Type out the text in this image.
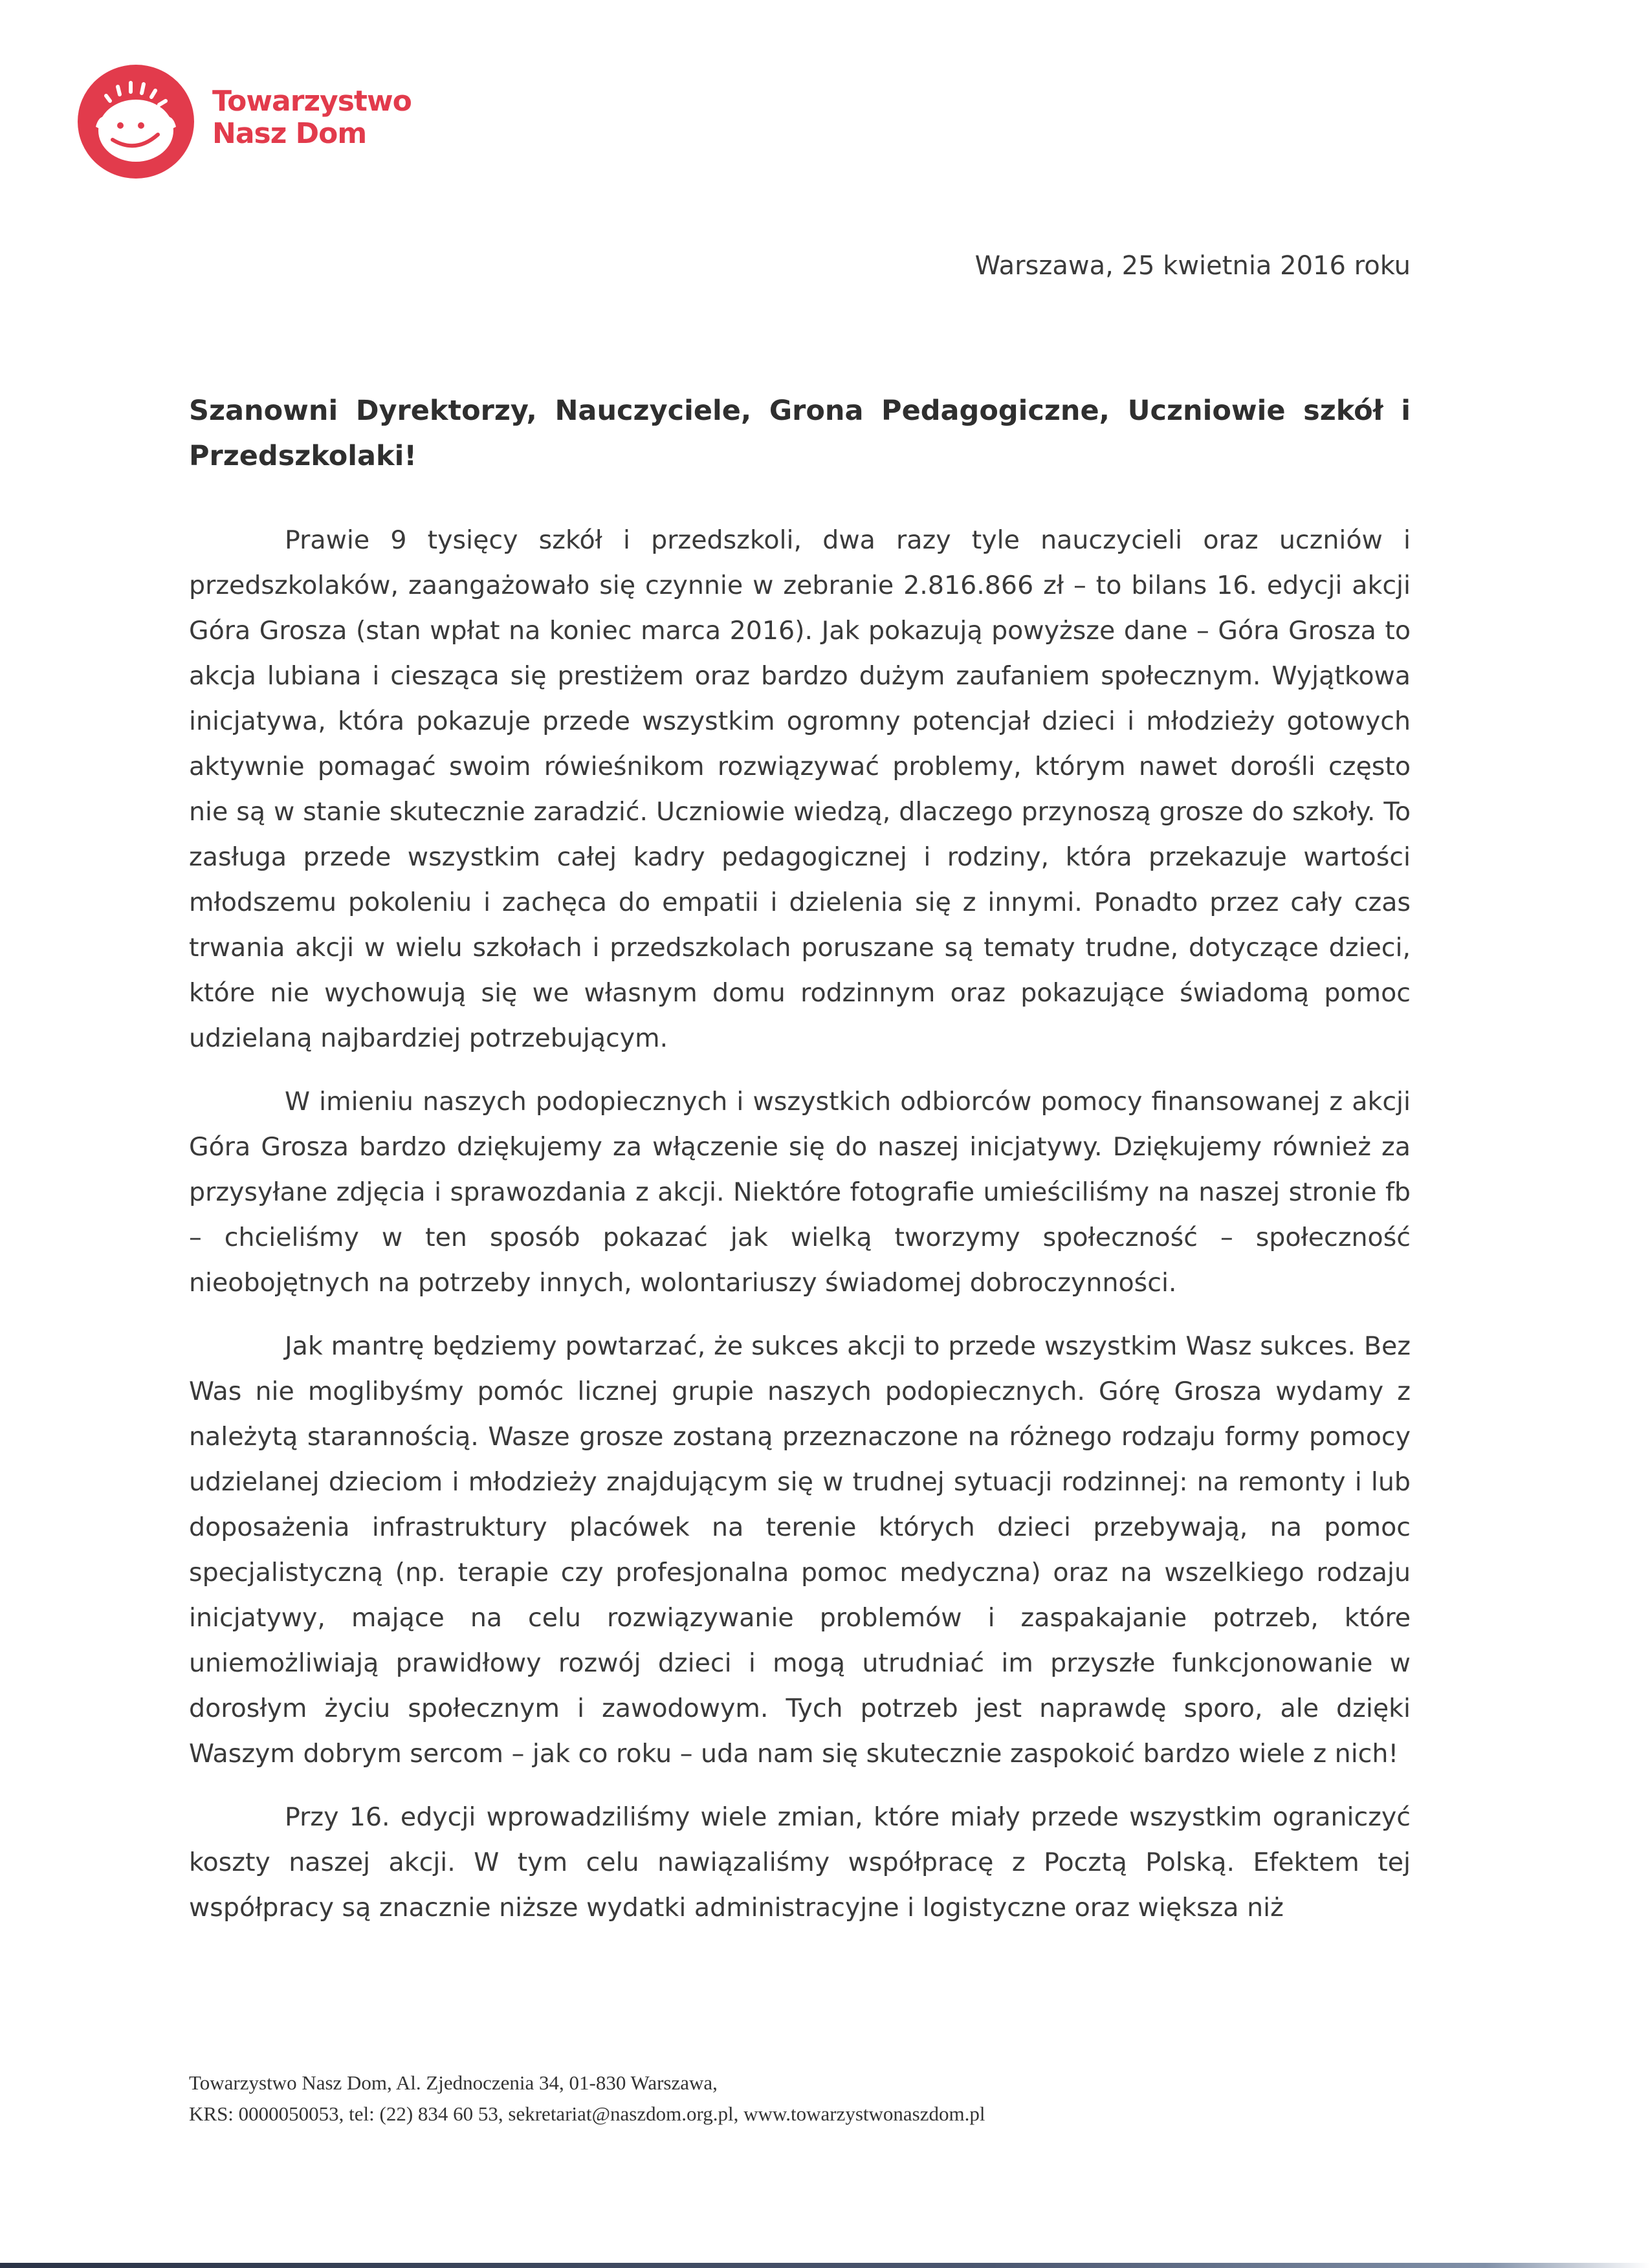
Towarzystwo
Nasz Dom
Warszawa, 25 kwietnia 2016 roku
Szanowni Dyrektorzy, Nauczyciele, Grona Pedagogiczne, Uczniowie szkół i Przedszkolaki!

Prawie 9 tysięcy szkół i przedszkoli, dwa razy tyle nauczycieli oraz uczniów i przedszkolaków, zaangażowało się czynnie w zebranie 2.816.866 zł – to bilans 16. edycji akcji Góra Grosza (stan wpłat na koniec marca 2016). Jak pokazują powyższe dane – Góra Grosza to akcja lubiana i ciesząca się prestiżem oraz bardzo dużym zaufaniem społecznym. Wyjątkowa inicjatywa, która pokazuje przede wszystkim ogromny potencjał dzieci i młodzieży gotowych aktywnie pomagać swoim rówieśnikom rozwiązywać problemy, którym nawet dorośli często nie są w stanie skutecznie zaradzić. Uczniowie wiedzą, dlaczego przynoszą grosze do szkoły. To zasługa przede wszystkim całej kadry pedagogicznej i rodziny, która przekazuje wartości młodszemu pokoleniu i zachęca do empatii i dzielenia się z innymi. Ponadto przez cały czas trwania akcji w wielu szkołach i przedszkolach poruszane są tematy trudne, dotyczące dzieci, które nie wychowują się we własnym domu rodzinnym oraz pokazujące świadomą pomoc udzielaną najbardziej potrzebującym.

W imieniu naszych podopiecznych i wszystkich odbiorców pomocy finansowanej z akcji Góra Grosza bardzo dziękujemy za włączenie się do naszej inicjatywy. Dziękujemy również za przysyłane zdjęcia i sprawozdania z akcji. Niektóre fotografie umieściliśmy na naszej stronie fb – chcieliśmy w ten sposób pokazać jak wielką tworzymy społeczność – społeczność nieobojętnych na potrzeby innych, wolontariuszy świadomej dobroczynności.

Jak mantrę będziemy powtarzać, że sukces akcji to przede wszystkim Wasz sukces. Bez Was nie moglibyśmy pomóc licznej grupie naszych podopiecznych. Górę Grosza wydamy z należytą starannością. Wasze grosze zostaną przeznaczone na różnego rodzaju formy pomocy udzielanej dzieciom i młodzieży znajdującym się w trudnej sytuacji rodzinnej: na remonty i lub doposażenia infrastruktury placówek na terenie których dzieci przebywają, na pomoc specjalistyczną (np. terapie czy profesjonalna pomoc medyczna) oraz na wszelkiego rodzaju inicjatywy, mające na celu rozwiązywanie problemów i zaspakajanie potrzeb, które uniemożliwiają prawidłowy rozwój dzieci i mogą utrudniać im przyszłe funkcjonowanie w dorosłym życiu społecznym i zawodowym. Tych potrzeb jest naprawdę sporo, ale dzięki Waszym dobrym sercom – jak co roku – uda nam się skutecznie zaspokoić bardzo wiele z nich!

Przy 16. edycji wprowadziliśmy wiele zmian, które miały przede wszystkim ograniczyć koszty naszej akcji. W tym celu nawiązaliśmy współpracę z Pocztą Polską. Efektem tej współpracy są znacznie niższe wydatki administracyjne i logistyczne oraz większa niż

Towarzystwo Nasz Dom, Al. Zjednoczenia 34, 01-830 Warszawa,
KRS: 0000050053, tel: (22) 834 60 53, sekretariat@naszdom.org.pl, www.towarzystwonaszdom.pl
